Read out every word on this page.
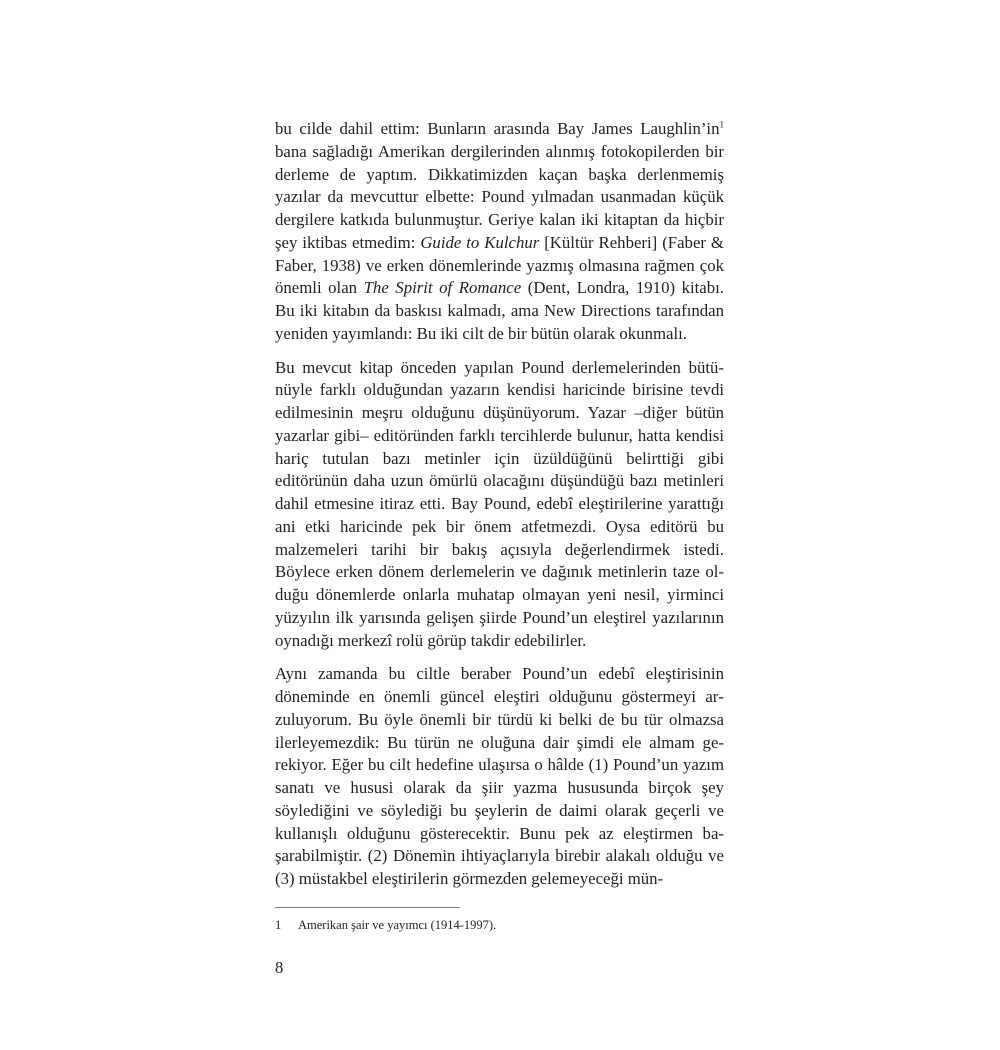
bu cilde dahil ettim: Bunların arasında Bay James $Laughlin’in^1$ bana sağladığı Amerikan dergilerinden alınmış fotokopilerden bir derleme de yaptım. Dikkatimizden kaçan başka derlenmemiş yazılar da mevcuttur elbette: Pound yılmadan usanmadan küçük dergilere katkıda bulunmuştur. Geriye kalan iki kitaptan da hiçbir şey iktibas etmedim: Guide to Kulchur [Kültür Rehberi] (Faber & Faber, 1938) ve erken dönemlerinde yazmış olmasına rağmen çok önemli olan The Spirit of Romance (Dent, Londra, 1910) kitabı. Bu iki kitabın da baskısı kalmadı, ama New Directions tarafından yeniden yayımlandı: Bu iki cilt de bir bütün olarak okunmalı.

Bu mevcut kitap önceden yapılan Pound derlemelerinden bütünüyle farklı olduğundan yazarın kendisi haricinde birisine tevdi edilmesinin meşru olduğunu düşünüyorum. Yazar –diğer bütün yazarlar gibi– editöründen farklı tercihlerde bulunur, hatta kendisi hariç tutulan bazı metinler için üzüldüğünü belirttiği gibi editörünün daha uzun ömürlü olacağını düşündüğü bazı metinleri dahil etmesine itiraz etti. Bay Pound, edebî eleştirilerine yarattığı ani etki haricinde pek bir önem atfetmezdi. Oysa editörü bu malzemeleri tarihi bir bakış açısıyla değerlendirmek istedi. Böylece erken dönem derlemelerin ve dağınık metinlerin taze olduğu dönemlerde onlarla muhatap olmayan yeni nesil, yirminci yüzyılın ilk yarısında gelişen şiirde Pound’un eleştirel yazılarının oynadığı merkezî rolü görüp takdir edebilirler.

Aynı zamanda bu ciltle beraber Pound’un edebî eleştirisinin döneminde en önemli güncel eleştiri olduğunu göstermeyi arzuluyorum. Bu öyle önemli bir türdü ki belki de bu tür olmazsa ilerleyemezdik: Bu türün ne oluğuna dair şimdi ele almam gerekiyor. Eğer bu cilt hedefine ulaşırsa o hâlde (1) Pound’un yazım sanatı ve hususi olarak da şiir yazma hususunda birçok şey söylediğini ve söylediği bu şeylerin de daimi olarak geçerli ve kullanışlı olduğunu gösterecektir. Bunu pek az eleştirmen başarabilmiştir. (2) Dönemin ihtiyaçlarıyla birebir alakalı olduğu ve (3) müstakbel eleştirilerin görmezden gelemeyeceği mün-

1 Amerikan şair ve yayımcı (1914-1997).
8
